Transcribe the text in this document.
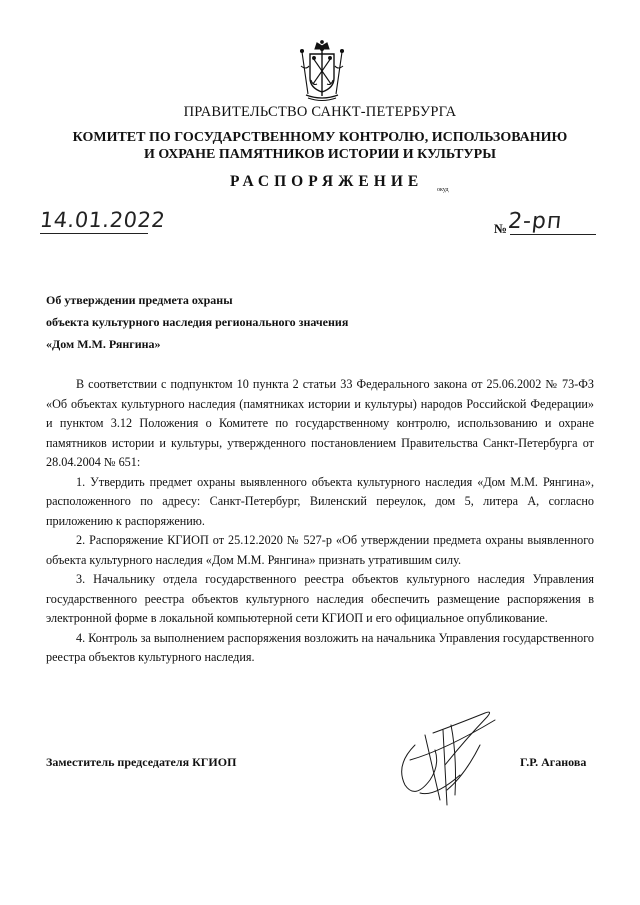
ПРАВИТЕЛЬСТВО САНКТ-ПЕТЕРБУРГА
КОМИТЕТ ПО ГОСУДАРСТВЕННОМУ КОНТРОЛЮ, ИСПОЛЬЗОВАНИЮ
И ОХРАНЕ ПАМЯТНИКОВ ИСТОРИИ И КУЛЬТУРЫ
РАСПОРЯЖЕНИЕ окуд
14.01.2022	№ 2-рп
Об утверждении предмета охраны
объекта культурного наследия регионального значения
«Дом М.М. Рянгина»

В соответствии с подпунктом 10 пункта 2 статьи 33 Федерального закона от 25.06.2002 № 73-ФЗ «Об объектах культурного наследия (памятниках истории и культуры) народов Российской Федерации» и пунктом 3.12 Положения о Комитете по государственному контролю, использованию и охране памятников истории и культуры, утвержденного постановлением Правительства Санкт-Петербурга от 28.04.2004 № 651:

1. Утвердить предмет охраны выявленного объекта культурного наследия «Дом М.М. Рянгина», расположенного по адресу: Санкт-Петербург, Виленский переулок, дом 5, литера А, согласно приложению к распоряжению.

2. Распоряжение КГИОП от 25.12.2020 № 527-р «Об утверждении предмета охраны выявленного объекта культурного наследия «Дом М.М. Рянгина» признать утратившим силу.

3. Начальнику отдела государственного реестра объектов культурного наследия Управления государственного реестра объектов культурного наследия обеспечить размещение распоряжения в электронной форме в локальной компьютерной сети КГИОП и его официальное опубликование.

4. Контроль за выполнением распоряжения возложить на начальника Управления государственного реестра объектов культурного наследия.

Заместитель председателя КГИОП	Г.Р. Аганова
